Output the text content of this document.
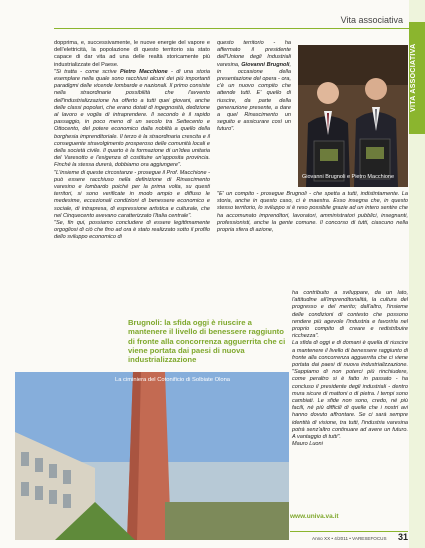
VITA ASSOCIATIVA
Vita associativa

dopprima, e, successivamente, le nuove energie del vapore e dell'elettricità, la popolazione di questo territorio sia stato capace di dar vita ad una delle realtà storicamente più industrializzate del Paese.

"Si tratta - come scrive Pietro Macchione - di una storia esemplare nella quale sono racchiusi alcuni dei più importanti paradigmi delle vicende lombarde e nazionali. Il primo consiste nella straordinarie possibilità che l'avvento dell'industrializzazione ha offerto a tutti quei giovani, anche delle classi popolari, che erano dotati di ingegnosità, dedizione al lavoro e voglia di intraprendere. Il secondo è il rapido passaggio, in poco meno di un secolo tra Settecento e Ottocento, del potere economico dalla nobiltà a quello della borghesia imprenditoriale. Il terzo è la straordinaria crescita e il conseguente stravolgimento prosperoso delle comunità locali e della società civile. Il quarto è la formazione di un'idea unitaria del Varesotto e l'esigenza di costituire un'apposita provincia. Finché la stessa durerà, dobbiamo ora aggiungere".

"L'insieme di queste circostanze - prosegue il Prof. Macchione - può essere racchiuso nella definizione di Rinascimento varesino e lombardo poiché per la prima volta, su questi territori, si sono verificate in modo ampio e diffuso le medesime, eccezionali condizioni di benessere economico e sociale, di intrapresa, di espressione artistica e culturale, che nel Cinquecento avevano caratterizzato l'Italia centrale".

"Se, fin qui, possiamo concludere di essere legittimamente orgogliosi di ciò che fino ad ora è stato realizzato sotto il profilo dello sviluppo economico di

questo territorio - ha affermato il presidente dell'Unione degli Industriali varesina, Giovanni Brugnoli, in occasione della presentazione del opera - ora, c'è un nuovo compito che attende tutti. E' quello di riuscire, da parte della generazione presente, a dare a quel Rinascimento un seguito e assicurare così un futuro".

Giovanni Brugnoli e Pietro Macchione

"E' un compito - prosegue Brugnoli - che spetta a tutti, indistintamente. La storia, anche in questo caso, ci è maestra. Esso insegna che, in questo stesso territorio, lo sviluppo si è reso possibile grazie ad un intero sentire che ha accomunato imprenditori, lavoratori, amministratori pubblici, insegnanti, professionisti, anche la gente comune. Il concorso di tutti, ciascuno nella propria sfera di azione,

Brugnoli: la sfida oggi è riuscire a mantenere il livello di benessere raggiunto di fronte alla concorrenza agguerrita che ci viene portata dai paesi di nuova industrializzazione

ha contribuito a sviluppare, da un lato, l'attitudine all'imprenditorialità, la cultura del progresso e del merito; dall'altro, l'insieme delle condizioni di contesto che possono rendere più agevole l'industria e favorirla nel proprio compito di creare e redistribuire ricchezza".

La sfida di oggi e di domani è quella di riuscire a mantenere il livello di benessere raggiunto di fronte alla concorrenza agguerrita che ci viene portata dai paesi di nuova industrializzazione. "Sappiamo di non poterci più rinchiudere, come peraltro si è fatto in passato - ha concluso il presidente degli industriali - dentro mura sicure di mattoni o di pietra. I tempi sono cambiati. Le sfide non sono, credo, né più facili, né più difficili di quelle che i nostri avi hanno dovuto affrontare. Se ci sarà sempre identità di visione, tra tutti, l'industria varesina potrà senz'altro continuare ad avere un futuro. A vantaggio di tutti".

Mauro Luoni

La ciminiera del Cotonificio di Solbiate Olona
www.univa.va.it
Anno XX • 4/2011 • VARESEFOCUS 31
